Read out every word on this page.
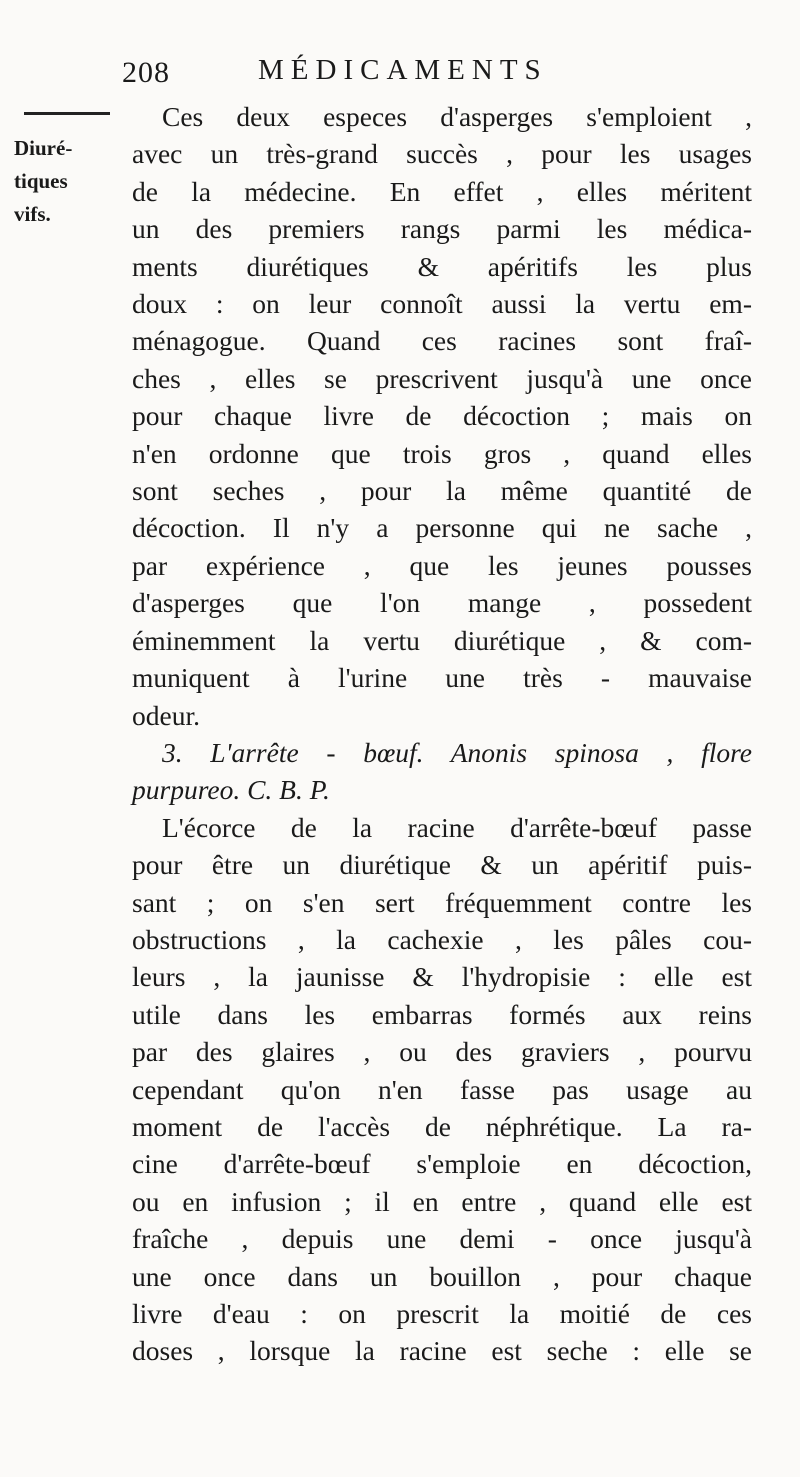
208	MÉDICAMENTS
Diuré-
tiques
vifs.
Ces deux especes d'asperges s'emploient ,
avec un très-grand succès , pour les usages
de la médecine. En effet , elles méritent
un des premiers rangs parmi les médica-
ments diurétiques & apéritifs les plus
doux : on leur connoît aussi la vertu em-
ménagogue. Quand ces racines sont fraî-
ches , elles se prescrivent jusqu'à une once
pour chaque livre de décoction ; mais on
n'en ordonne que trois gros , quand elles
sont seches , pour la même quantité de
décoction. Il n'y a personne qui ne sache ,
par expérience , que les jeunes pousses
d'asperges que l'on mange , possedent
éminemment la vertu diurétique , & com-
muniquent à l'urine une très - mauvaise
odeur.
3. L'arrête - bœuf. Anonis spinosa , flore
purpureo. C. B. P.
L'écorce de la racine d'arrête-bœuf passe
pour être un diurétique & un apéritif puis-
sant ; on s'en sert fréquemment contre les
obstructions , la cachexie , les pâles cou-
leurs , la jaunisse & l'hydropisie : elle est
utile dans les embarras formés aux reins
par des glaires , ou des graviers , pourvu
cependant qu'on n'en fasse pas usage au
moment de l'accès de néphrétique. La ra-
cine d'arrête-bœuf s'emploie en décoction,
ou en infusion ; il en entre , quand elle est
fraîche , depuis une demi - once jusqu'à
une once dans un bouillon , pour chaque
livre d'eau : on prescrit la moitié de ces
doses , lorsque la racine est seche : elle se
